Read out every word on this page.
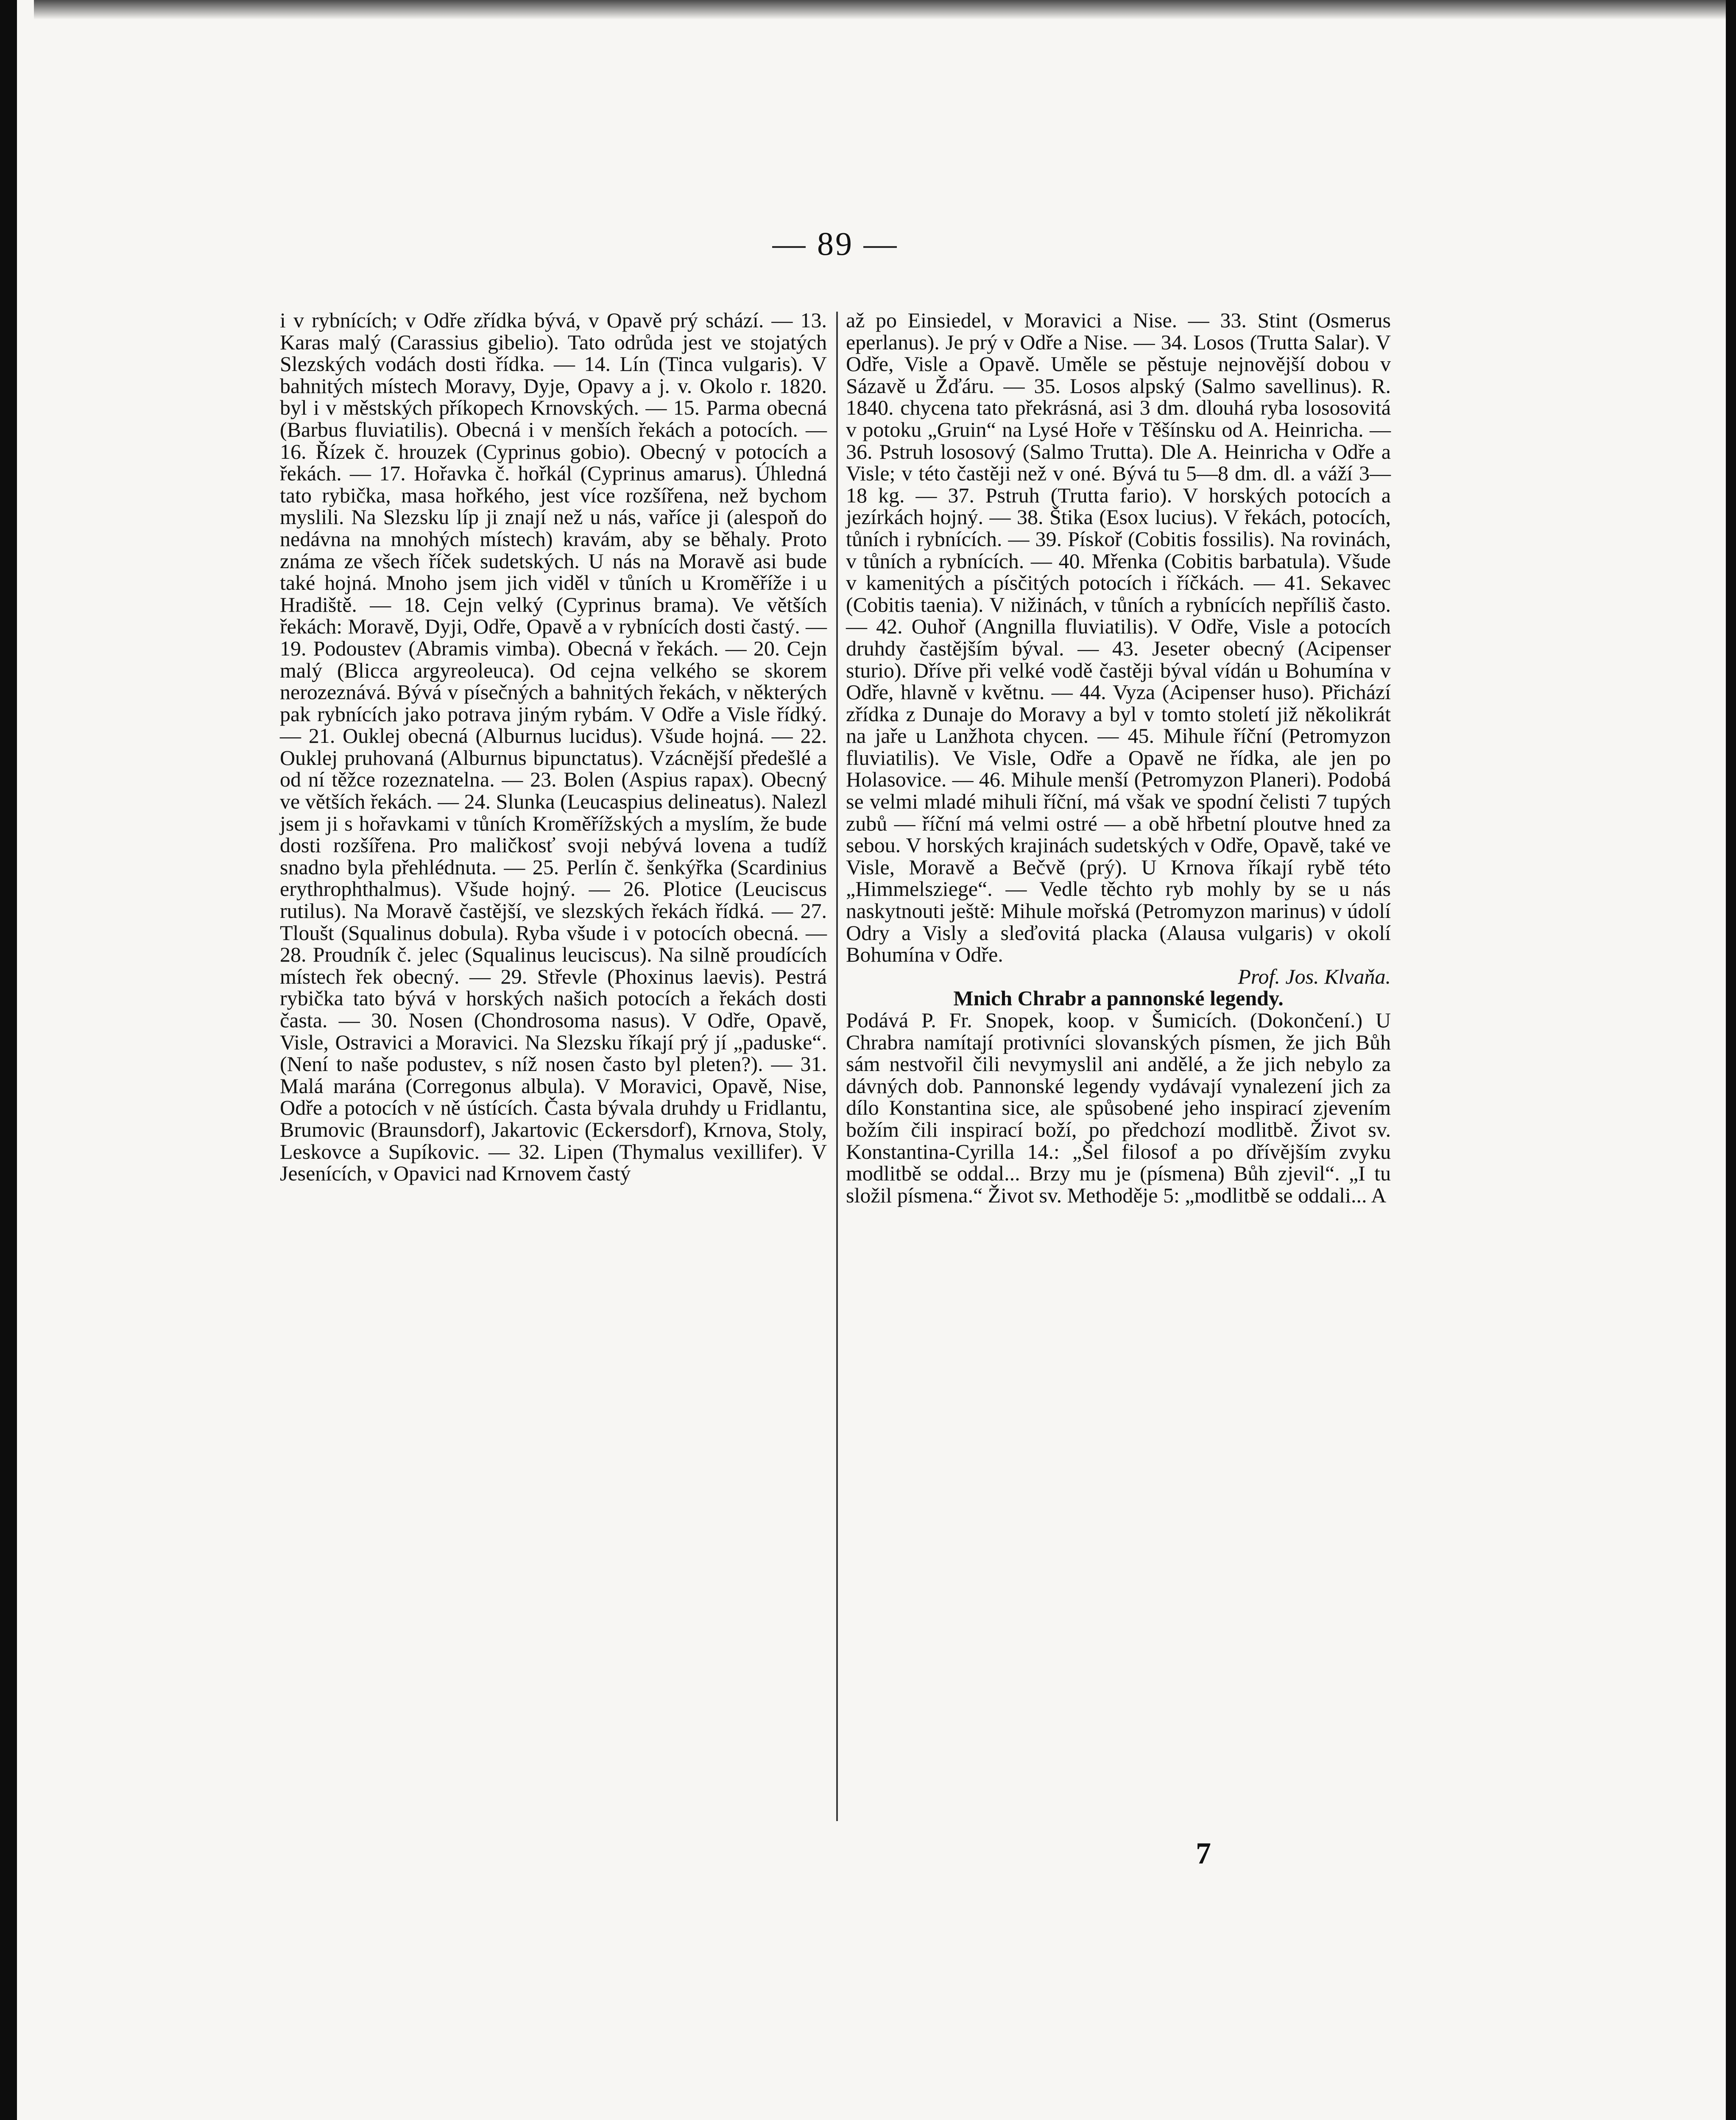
— 89 —

i v rybnících; v Odře zřídka bývá, v Opavě prý schází. — 13. Karas malý (Carassius gibelio). Tato odrůda jest ve stojatých Slezských vodách dosti řídka. — 14. Lín (Tinca vulgaris). V bahnitých místech Moravy, Dyje, Opavy a j. v. Okolo r. 1820. byl i v městských příkopech Krnovských. — 15. Parma obecná (Barbus fluviatilis). Obecná i v menších řekách a potocích. — 16. Řízek č. hrouzek (Cyprinus gobio). Obecný v potocích a řekách. — 17. Hořavka č. hořkál (Cyprinus amarus). Úhledná tato rybička, masa hořkého, jest více rozšířena, než bychom myslili. Na Slezsku líp ji znají než u nás, vaříce ji (alespoň do nedávna na mnohých místech) kravám, aby se běhaly. Proto známa ze všech říček sudetských. U nás na Moravě asi bude také hojná. Mnoho jsem jich viděl v tůních u Kroměříže i u Hradiště. — 18. Cejn velký (Cyprinus brama). Ve větších řekách: Moravě, Dyji, Odře, Opavě a v rybnících dosti častý. — 19. Podoustev (Abramis vimba). Obecná v řekách. — 20. Cejn malý (Blicca argyreoleuca). Od cejna velkého se skorem nerozeznává. Bývá v písečných a bahnitých řekách, v některých pak rybnících jako potrava jiným rybám. V Odře a Visle řídký. — 21. Ouklej obecná (Alburnus lucidus). Všude hojná. — 22. Ouklej pruhovaná (Alburnus bipunctatus). Vzácnější předešlé a od ní těžce rozeznatelna. — 23. Bolen (Aspius rapax). Obecný ve větších řekách. — 24. Slunka (Leucaspius delineatus). Nalezl jsem ji s hořavkami v tůních Kroměřížských a myslím, že bude dosti rozšířena. Pro maličkosť svoji nebývá lovena a tudíž snadno byla přehlédnuta. — 25. Perlín č. šenkýřka (Scardinius erythrophthalmus). Všude hojný. — 26. Plotice (Leuciscus rutilus). Na Moravě častější, ve slezských řekách řídká. — 27. Tloušt (Squalinus dobula). Ryba všude i v potocích obecná. — 28. Proudník č. jelec (Squalinus leuciscus). Na silně proudících místech řek obecný. — 29. Střevle (Phoxinus laevis). Pestrá rybička tato bývá v horských našich potocích a řekách dosti časta. — 30. Nosen (Chondrosoma nasus). V Odře, Opavě, Visle, Ostravici a Moravici. Na Slezsku říkají prý jí „paduske“. (Není to naše podustev, s níž nosen často byl pleten?). — 31. Malá marána (Corregonus albula). V Moravici, Opavě, Nise, Odře a potocích v ně ústících. Častа bývala druhdy u Fridlantu, Brumovic (Braunsdorf), Jakartovic (Eckersdorf), Krnova, Stoly, Leskovce a Supíkovic. — 32. Lipen (Thymalus vexillifer). V Jesenících, v Opavici nad Krnovem častý

až po Einsiedel, v Moravici a Nise. — 33. Stint (Osmerus eperlanus). Je prý v Odře a Nise. — 34. Losos (Trutta Salar). V Odře, Visle a Opavě. Uměle se pěstuje nejnovější dobou v Sázavě u Žďáru. — 35. Losos alpský (Salmo savellinus). R. 1840. chycena tato překrásná, asi 3 dm. dlouhá ryba lososovitá v potoku „Gruin“ na Lysé Hoře v Těšínsku od A. Heinricha. — 36. Pstruh lososový (Salmo Trutta). Dle A. Heinricha v Odře a Visle; v této častěji než v oné. Bývá tu 5—8 dm. dl. a váží 3— 18 kg. — 37. Pstruh (Trutta fario). V horských potocích a jezírkách hojný. — 38. Štika (Esox lucius). V řekách, potocích, tůních i rybnících. — 39. Pískoř (Cobitis fossilis). Na rovinách, v tůních a rybnících. — 40. Mřenka (Cobitis barbatula). Všude v kamenitých a písčitých potocích i říčkách. — 41. Sekavec (Cobitis taenia). V nižinách, v tůních a rybnících nepříliš často. — 42. Ouhoř (Angnilla fluviatilis). V Odře, Visle a potocích druhdy častějším býval. — 43. Jeseter obecný (Acipenser sturio). Dříve při velké vodě častěji býval vídán u Bohumína v Odře, hlavně v květnu. — 44. Vyza (Acipenser huso). Přichází zřídka z Dunaje do Moravy a byl v tomto století již několikrát na jaře u Lanžhota chycen. — 45. Mihule říční (Petromyzon fluviatilis). Ve Visle, Odře a Opavě ne řídka, ale jen po Holasovice. — 46. Mihule menší (Petromyzon Planeri). Podobá se velmi mladé mihuli říční, má však ve spodní čelisti 7 tupých zubů — říční má velmi ostré — a obě hřbetní ploutve hned za sebou. V horských krajinách sudetských v Odře, Opavě, také ve Visle, Moravě a Bečvě (prý). U Krnova říkají rybě této „Himmelsziege“. — Vedle těchto ryb mohly by se u nás naskytnouti ještě: Mihule mořská (Petromyzon marinus) v údolí Odry a Visly a sleďovitá placka (Alausa vulgaris) v okolí Bohumína v Odře.

Prof. Jos. Klvaňa.

Mnich Chrabr a pannonské legendy.

Podává P. Fr. Snopek, koop. v Šumicích. (Dokončení.) U Chrabra namítají protivníci slovanských písmen, že jich Bůh sám nestvořil čili nevymyslil ani andělé, a že jich nebylo za dávných dob. Pannonské legendy vydávají vynalezení jich za dílo Konstantina sice, ale spůsobené jeho inspirací zjevením božím čili inspirací boží, po předchozí modlitbě. Život sv. Konstantina-Cyrilla 14.: „Šel filosof a po dřívějším zvyku modlitbě se oddal... Brzy mu je (písmena) Bůh zjevil“. „I tu složil písmena.“ Život sv. Methoděje 5: „modlitbě se oddali... A

7
